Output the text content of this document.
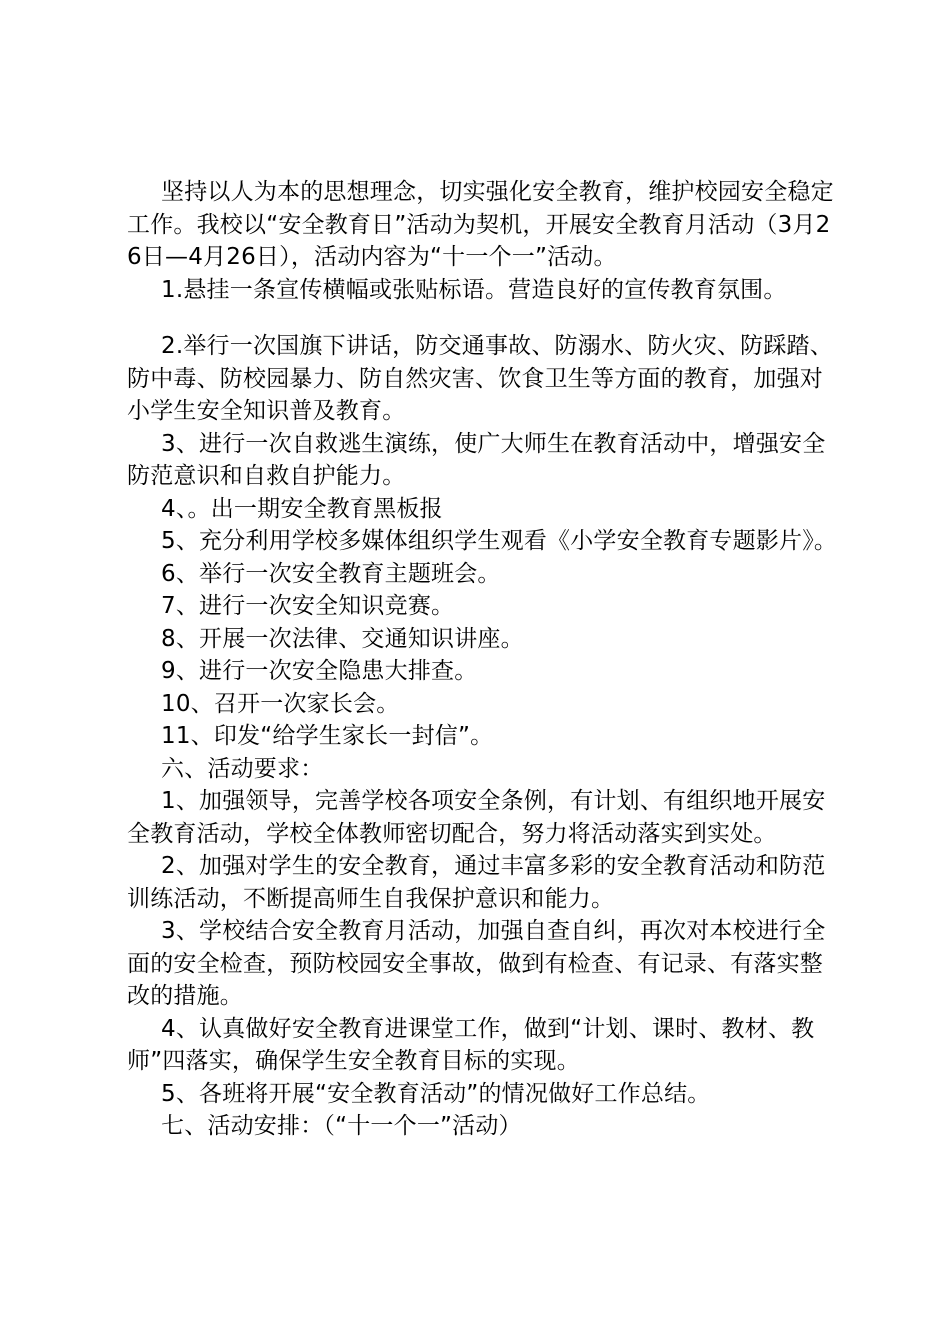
坚持以人为本的思想理念，切实强化安全教育，维护校园安全稳定工作。我校以“安全教育日”活动为契机，开展安全教育月活动（3月26日—4月26日），活动内容为“十一个一”活动。

1.悬挂一条宣传横幅或张贴标语。营造良好的宣传教育氛围。

2.举行一次国旗下讲话，防交通事故、防溺水、防火灾、防踩踏、防中毒、防校园暴力、防自然灾害、饮食卫生等方面的教育，加强对小学生安全知识普及教育。

3、进行一次自救逃生演练，使广大师生在教育活动中，增强安全防范意识和自救自护能力。

4、。出一期安全教育黑板报

5、充分利用学校多媒体组织学生观看《小学安全教育专题影片》。

6、举行一次安全教育主题班会。

7、进行一次安全知识竞赛。

8、开展一次法律、交通知识讲座。

9、进行一次安全隐患大排查。

10、召开一次家长会。

11、印发“给学生家长一封信”。

六、活动要求：

1、加强领导，完善学校各项安全条例，有计划、有组织地开展安全教育活动，学校全体教师密切配合，努力将活动落实到实处。

2、加强对学生的安全教育，通过丰富多彩的安全教育活动和防范训练活动，不断提高师生自我保护意识和能力。

3、学校结合安全教育月活动，加强自查自纠，再次对本校进行全面的安全检查，预防校园安全事故，做到有检查、有记录、有落实整改的措施。

4、认真做好安全教育进课堂工作，做到“计划、课时、教材、教师”四落实，确保学生安全教育目标的实现。

5、各班将开展“安全教育活动”的情况做好工作总结。

七、活动安排：（“十一个一”活动）
